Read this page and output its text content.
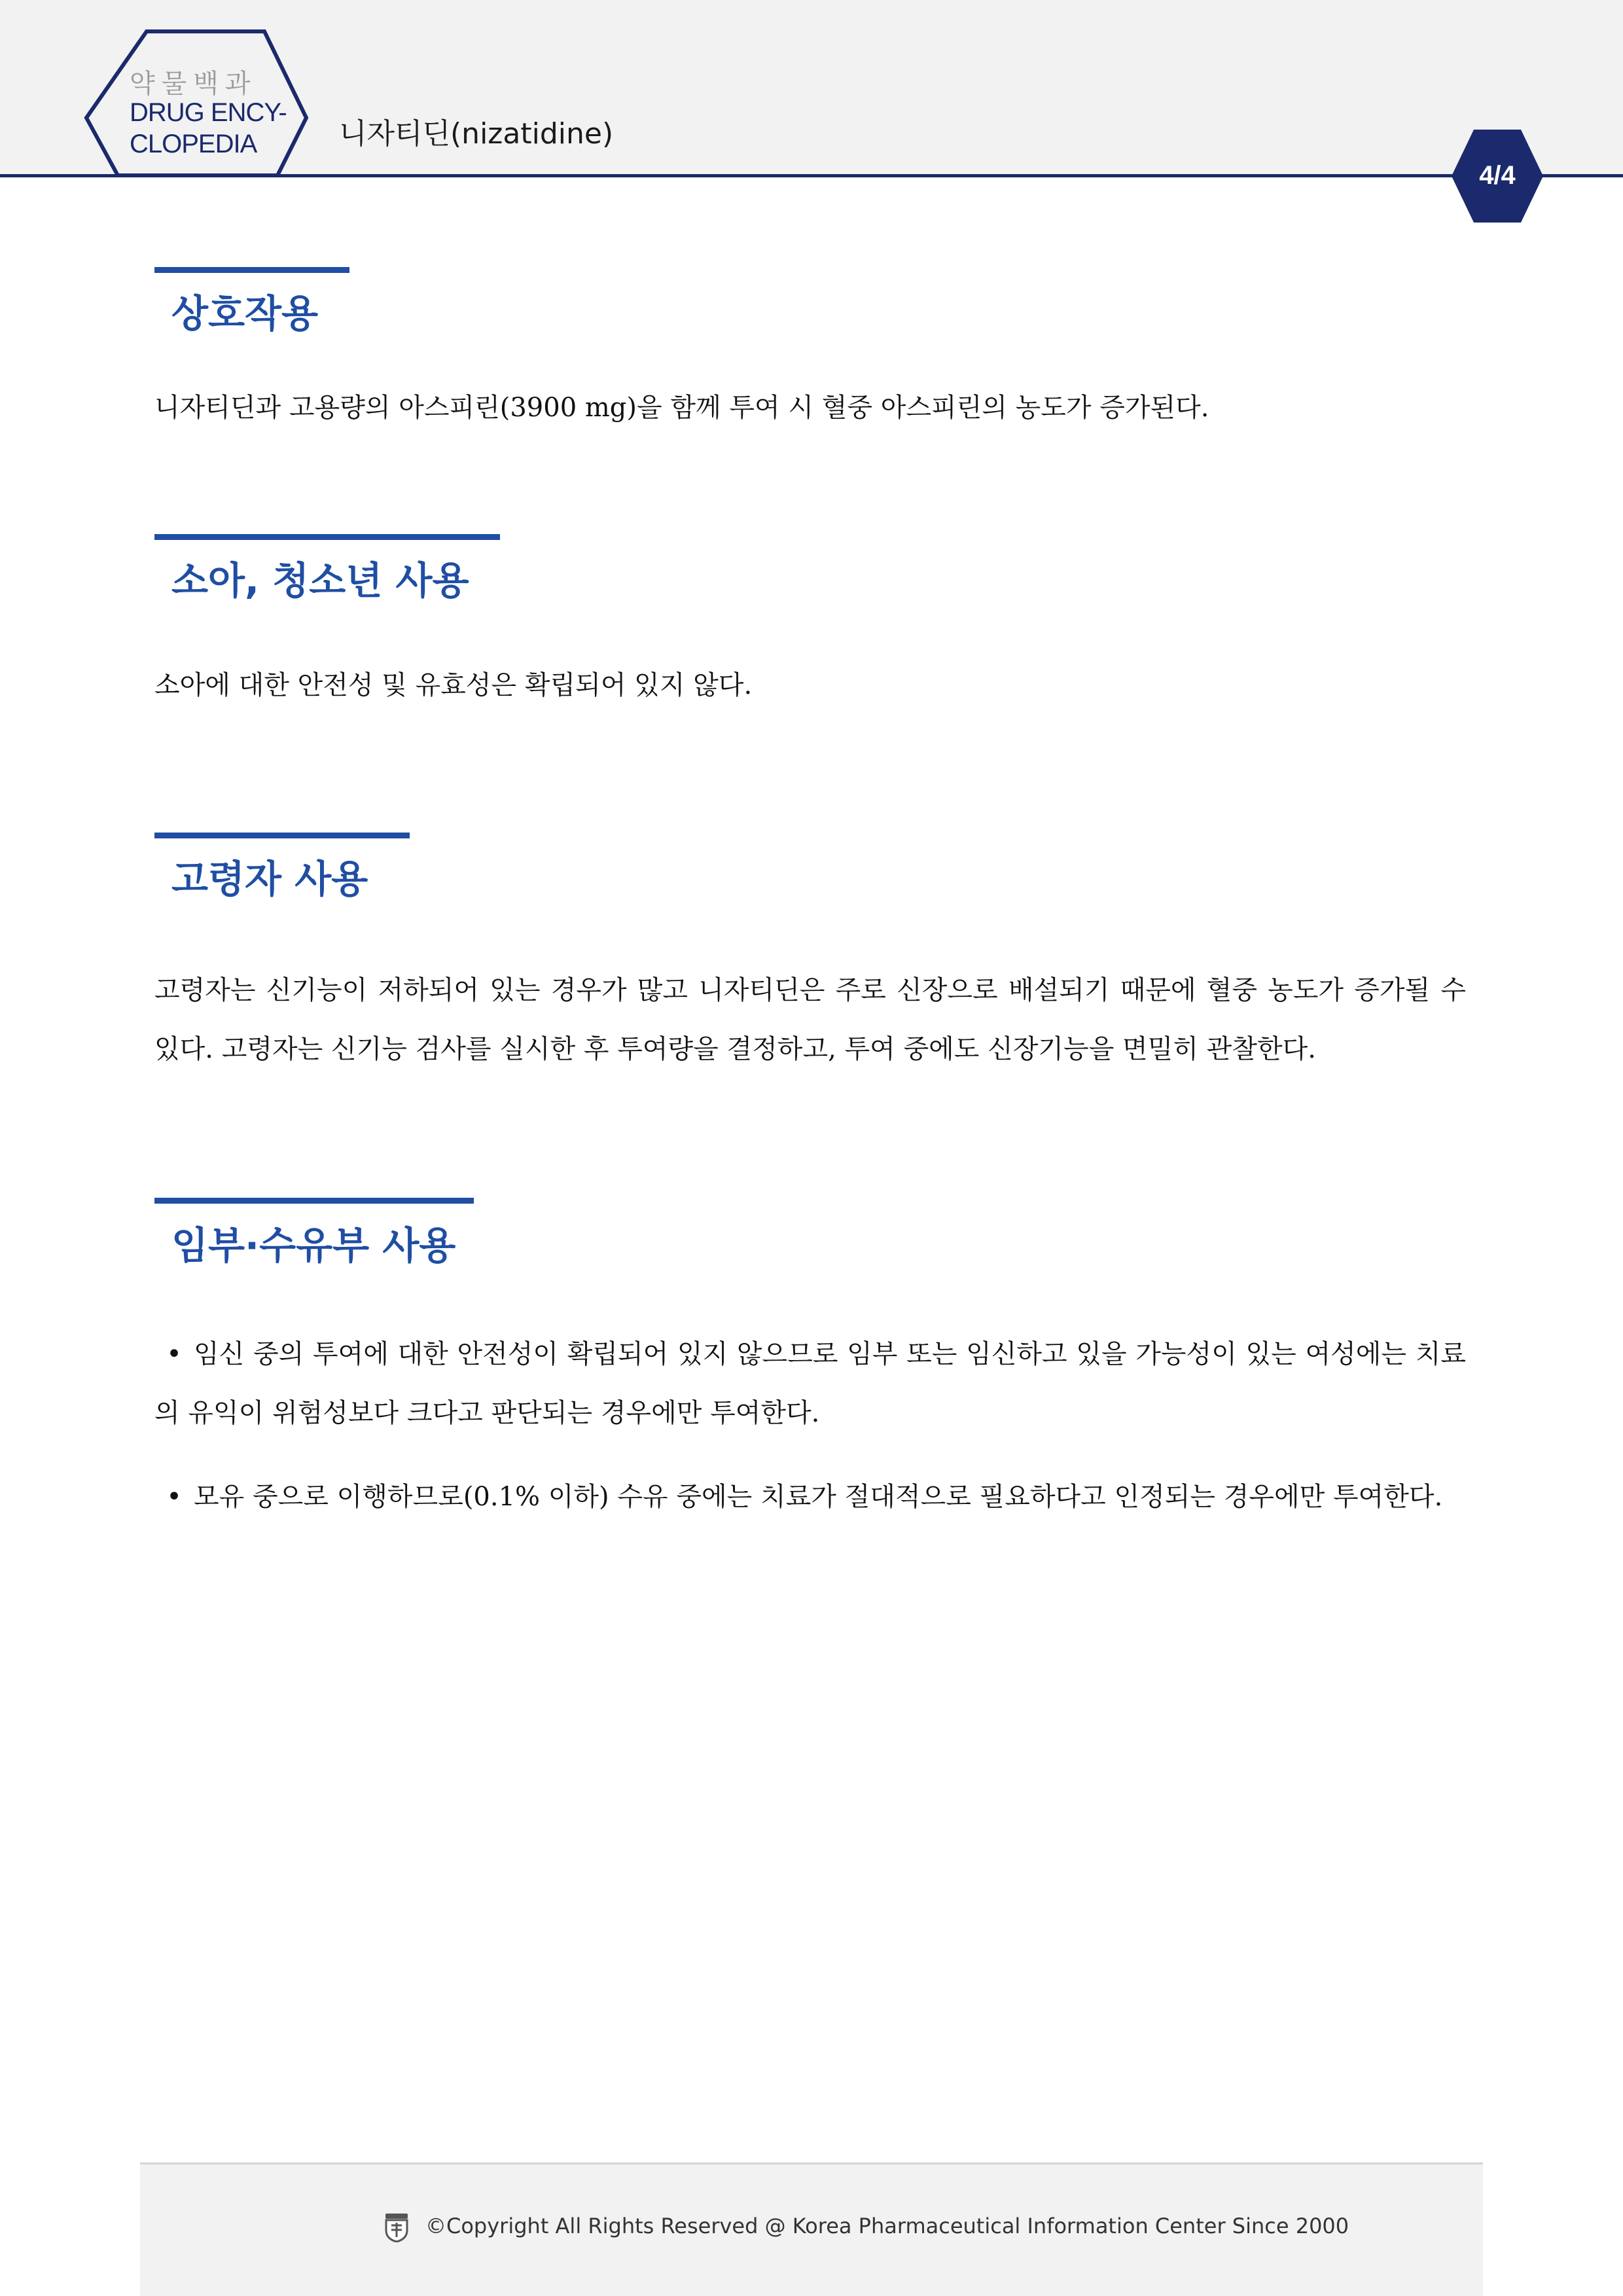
약물백과
DRUG ENCY-
CLOPEDIA	니자티딘(nizatidine)
4/4
상호작용
니자티딘과 고용량의 아스피린(3900 mg)을 함께 투여 시 혈중 아스피린의 농도가 증가된다.
소아, 청소년 사용
소아에 대한 안전성 및 유효성은 확립되어 있지 않다.
고령자 사용
고령자는 신기능이 저하되어 있는 경우가 많고 니자티딘은 주로 신장으로 배설되기 때문에 혈중 농도가 증가될 수 있다. 고령자는 신기능 검사를 실시한 후 투여량을 결정하고, 투여 중에도 신장기능을 면밀히 관찰한다.
임부·수유부 사용
• 임신 중의 투여에 대한 안전성이 확립되어 있지 않으므로 임부 또는 임신하고 있을 가능성이 있는 여성에는 치료의 유익이 위험성보다 크다고 판단되는 경우에만 투여한다.
• 모유 중으로 이행하므로(0.1% 이하) 수유 중에는 치료가 절대적으로 필요하다고 인정되는 경우에만 투여한다.
©Copyright All Rights Reserved @ Korea Pharmaceutical Information Center Since 2000
